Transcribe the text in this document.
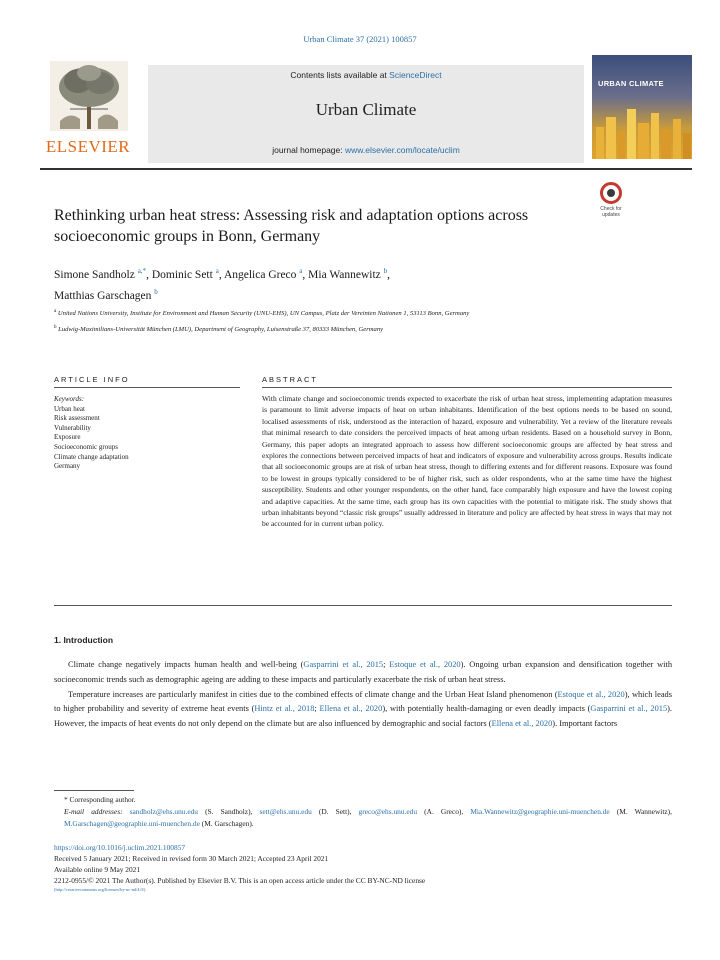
Urban Climate 37 (2021) 100857
ELSEVIER
Contents lists available at ScienceDirect
Urban Climate
journal homepage: www.elsevier.com/locate/uclim
URBAN CLIMATE
Check for updates
Rethinking urban heat stress: Assessing risk and adaptation options across socioeconomic groups in Bonn, Germany
Simone Sandholz $^{a,*}$, Dominic Sett $^a$, Angelica Greco $^a$, Mia Wannewitz $^b$,
Matthias Garschagen $^b$
$^a$ United Nations University, Institute for Environment and Human Security (UNU-EHS), UN Campus, Platz der Vereinten Nationen 1, 53113 Bonn, Germany
$^b$ Ludwig-Maximilians-Universität München (LMU), Department of Geography, Luisenstraße 37, 80333 München, Germany
ARTICLE INFO	ABSTRACT
Keywords:
Urban heat
Risk assessment
Vulnerability
Exposure
Socioeconomic groups
Climate change adaptation
Germany
With climate change and socioeconomic trends expected to exacerbate the risk of urban heat stress, implementing adaptation measures is paramount to limit adverse impacts of heat on urban inhabitants. Identification of the best options needs to be based on sound, localised assessments of risk, understood as the interaction of hazard, exposure and vulnerability. Yet a review of the literature reveals that minimal research to date considers the perceived impacts of heat among urban residents. Based on a household survey in Bonn, Germany, this paper adopts an integrated approach to assess how different socioeconomic groups are affected by heat stress and explores the connections between perceived impacts of heat and indicators of exposure and vulnerability across groups. Results indicate that all socioeconomic groups are at risk of urban heat stress, though to differing extents and for different reasons. Exposure was found to be lowest in groups typically considered to be of higher risk, such as older respondents, who at the same time have the highest susceptibility. Students and other younger respondents, on the other hand, face comparably high exposure and have the lowest coping and adaptive capacities. At the same time, each group has its own capacities with the potential to mitigate risk. The study shows that urban inhabitants beyond “classic risk groups” usually addressed in literature and policy are affected by heat stress in ways that may not be accounted for in current urban policy.
1. Introduction

Climate change negatively impacts human health and well-being (Gasparrini et al., 2015; Estoque et al., 2020). Ongoing urban expansion and densification together with socioeconomic trends such as demographic ageing are adding to these impacts and particularly exacerbate the risk of urban heat stress.

Temperature increases are particularly manifest in cities due to the combined effects of climate change and the Urban Heat Island phenomenon (Estoque et al., 2020), which leads to higher probability and severity of extreme heat events (Hintz et al., 2018; Ellena et al., 2020), with potentially health-damaging or even deadly impacts (Gasparrini et al., 2015). However, the impacts of heat events do not only depend on the climate but are also influenced by demographic and social factors (Ellena et al., 2020). Important factors

* Corresponding author.
E-mail addresses: sandholz@ehs.unu.edu (S. Sandholz), sett@ehs.unu.edu (D. Sett), greco@ehs.unu.edu (A. Greco), Mia.Wannewitz@geographie.uni-muenchen.de (M. Wannewitz), M.Garschagen@geographie.uni-muenchen.de (M. Garschagen).
https://doi.org/10.1016/j.uclim.2021.100857
Received 5 January 2021; Received in revised form 30 March 2021; Accepted 23 April 2021
Available online 9 May 2021
2212-0955/© 2021 The Author(s). Published by Elsevier B.V. This is an open access article under the CC BY-NC-ND license
(http://creativecommons.org/licenses/by-nc-nd/4.0/).
